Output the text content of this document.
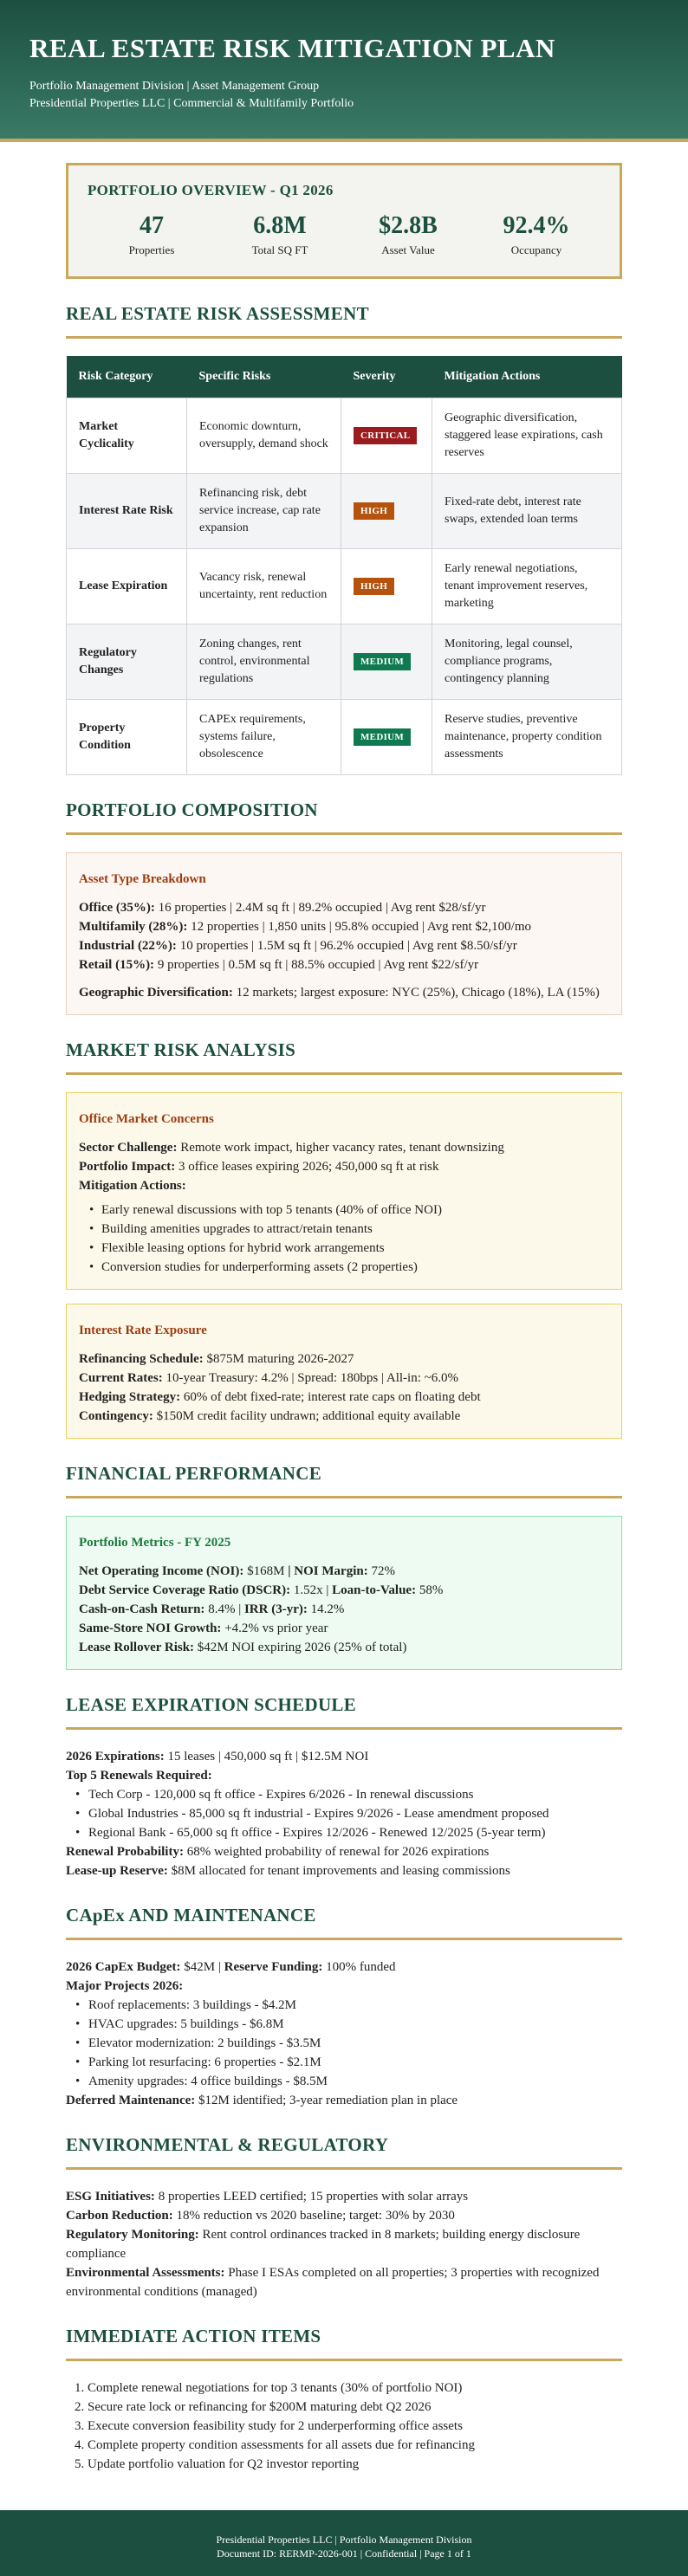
REAL ESTATE RISK MITIGATION PLAN
Portfolio Management Division | Asset Management Group
Presidential Properties LLC | Commercial & Multifamily Portfolio
PORTFOLIO OVERVIEW - Q1 2026
47
Properties
6.8M
Total SQ FT
$2.8B
Asset Value
92.4%
Occupancy
REAL ESTATE RISK ASSESSMENT
Risk Category	Specific Risks	Severity	Mitigation Actions
Market Cyclicality	Economic downturn, oversupply, demand shock	CRITICAL	Geographic diversification, staggered lease expirations, cash reserves
Interest Rate Risk	Refinancing risk, debt service increase, cap rate expansion	HIGH	Fixed-rate debt, interest rate swaps, extended loan terms
Lease Expiration	Vacancy risk, renewal uncertainty, rent reduction	HIGH	Early renewal negotiations, tenant improvement reserves, marketing
Regulatory Changes	Zoning changes, rent control, environmental regulations	MEDIUM	Monitoring, legal counsel, compliance programs, contingency planning
Property Condition	CAPEx requirements, systems failure, obsolescence	MEDIUM	Reserve studies, preventive maintenance, property condition assessments
PORTFOLIO COMPOSITION
Asset Type Breakdown

Office (35%): 16 properties | 2.4M sq ft | 89.2% occupied | Avg rent $28/sf/yr

Multifamily (28%): 12 properties | 1,850 units | 95.8% occupied | Avg rent $2,100/mo

Industrial (22%): 10 properties | 1.5M sq ft | 96.2% occupied | Avg rent $8.50/sf/yr

Retail (15%): 9 properties | 0.5M sq ft | 88.5% occupied | Avg rent $22/sf/yr

Geographic Diversification: 12 markets; largest exposure: NYC (25%), Chicago (18%), LA (15%)

MARKET RISK ANALYSIS
Office Market Concerns

Sector Challenge: Remote work impact, higher vacancy rates, tenant downsizing

Portfolio Impact: 3 office leases expiring 2026; 450,000 sq ft at risk

Mitigation Actions:

• Early renewal discussions with top 5 tenants (40% of office NOI)
• Building amenities upgrades to attract/retain tenants
• Flexible leasing options for hybrid work arrangements
• Conversion studies for underperforming assets (2 properties)
Interest Rate Exposure

Refinancing Schedule: $875M maturing 2026-2027

Current Rates: 10-year Treasury: 4.2% | Spread: 180bps | All-in: ~6.0%

Hedging Strategy: 60% of debt fixed-rate; interest rate caps on floating debt

Contingency: $150M credit facility undrawn; additional equity available

FINANCIAL PERFORMANCE
Portfolio Metrics - FY 2025

Net Operating Income (NOI): $168M | NOI Margin: 72%

Debt Service Coverage Ratio (DSCR): 1.52x | Loan-to-Value: 58%

Cash-on-Cash Return: 8.4% | IRR (3-yr): 14.2%

Same-Store NOI Growth: +4.2% vs prior year

Lease Rollover Risk: $42M NOI expiring 2026 (25% of total)

LEASE EXPIRATION SCHEDULE

2026 Expirations: 15 leases | 450,000 sq ft | $12.5M NOI

Top 5 Renewals Required:

• Tech Corp - 120,000 sq ft office - Expires 6/2026 - In renewal discussions
• Global Industries - 85,000 sq ft industrial - Expires 9/2026 - Lease amendment proposed
• Regional Bank - 65,000 sq ft office - Expires 12/2026 - Renewed 12/2025 (5-year term)

Renewal Probability: 68% weighted probability of renewal for 2026 expirations

Lease-up Reserve: $8M allocated for tenant improvements and leasing commissions

CApEx AND MAINTENANCE

2026 CapEx Budget: $42M | Reserve Funding: 100% funded

Major Projects 2026:

• Roof replacements: 3 buildings - $4.2M
• HVAC upgrades: 5 buildings - $6.8M
• Elevator modernization: 2 buildings - $3.5M
• Parking lot resurfacing: 6 properties - $2.1M
• Amenity upgrades: 4 office buildings - $8.5M

Deferred Maintenance: $12M identified; 3-year remediation plan in place

ENVIRONMENTAL & REGULATORY

ESG Initiatives: 8 properties LEED certified; 15 properties with solar arrays

Carbon Reduction: 18% reduction vs 2020 baseline; target: 30% by 2030

Regulatory Monitoring: Rent control ordinances tracked in 8 markets; building energy disclosure compliance

Environmental Assessments: Phase I ESAs completed on all properties; 3 properties with recognized environmental conditions (managed)

IMMEDIATE ACTION ITEMS
1. Complete renewal negotiations for top 3 tenants (30% of portfolio NOI)
2. Secure rate lock or refinancing for $200M maturing debt Q2 2026
3. Execute conversion feasibility study for 2 underperforming office assets
4. Complete property condition assessments for all assets due for refinancing
5. Update portfolio valuation for Q2 investor reporting
Presidential Properties LLC | Portfolio Management Division
Document ID: RERMP-2026-001 | Confidential | Page 1 of 1
